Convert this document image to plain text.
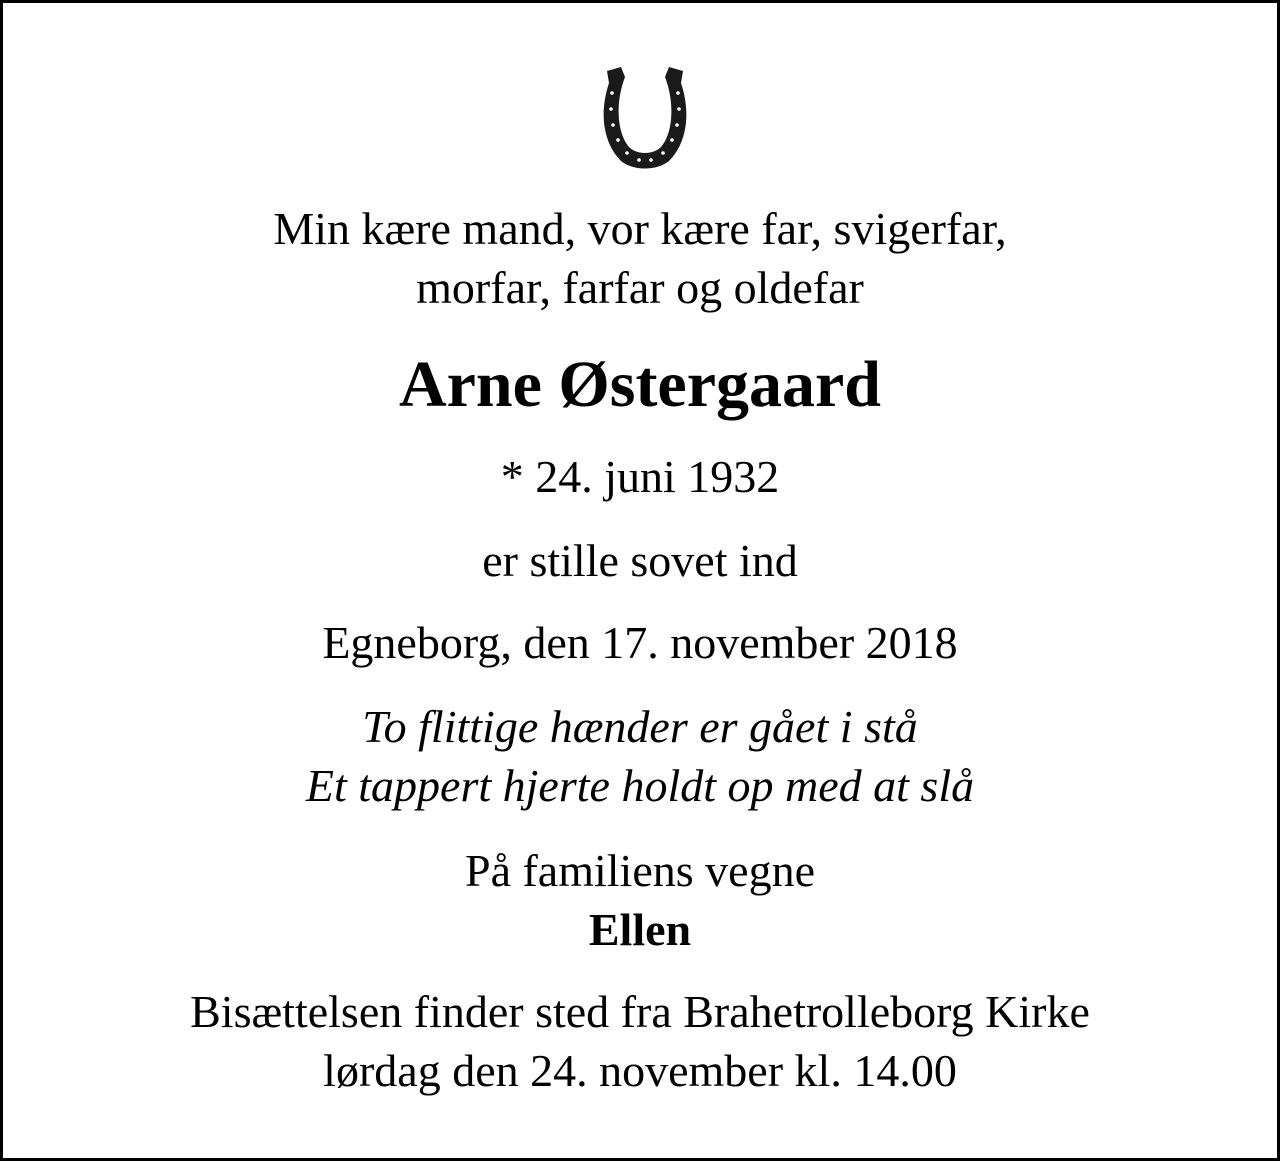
Min kære mand, vor kære far, svigerfar,
morfar, farfar og oldefar
Arne Østergaard
* 24. juni 1932
er stille sovet ind
Egneborg, den 17. november 2018
To flittige hænder er gået i stå
Et tappert hjerte holdt op med at slå
På familiens vegne
Ellen
Bisættelsen finder sted fra Brahetrolleborg Kirke
lørdag den 24. november kl. 14.00
